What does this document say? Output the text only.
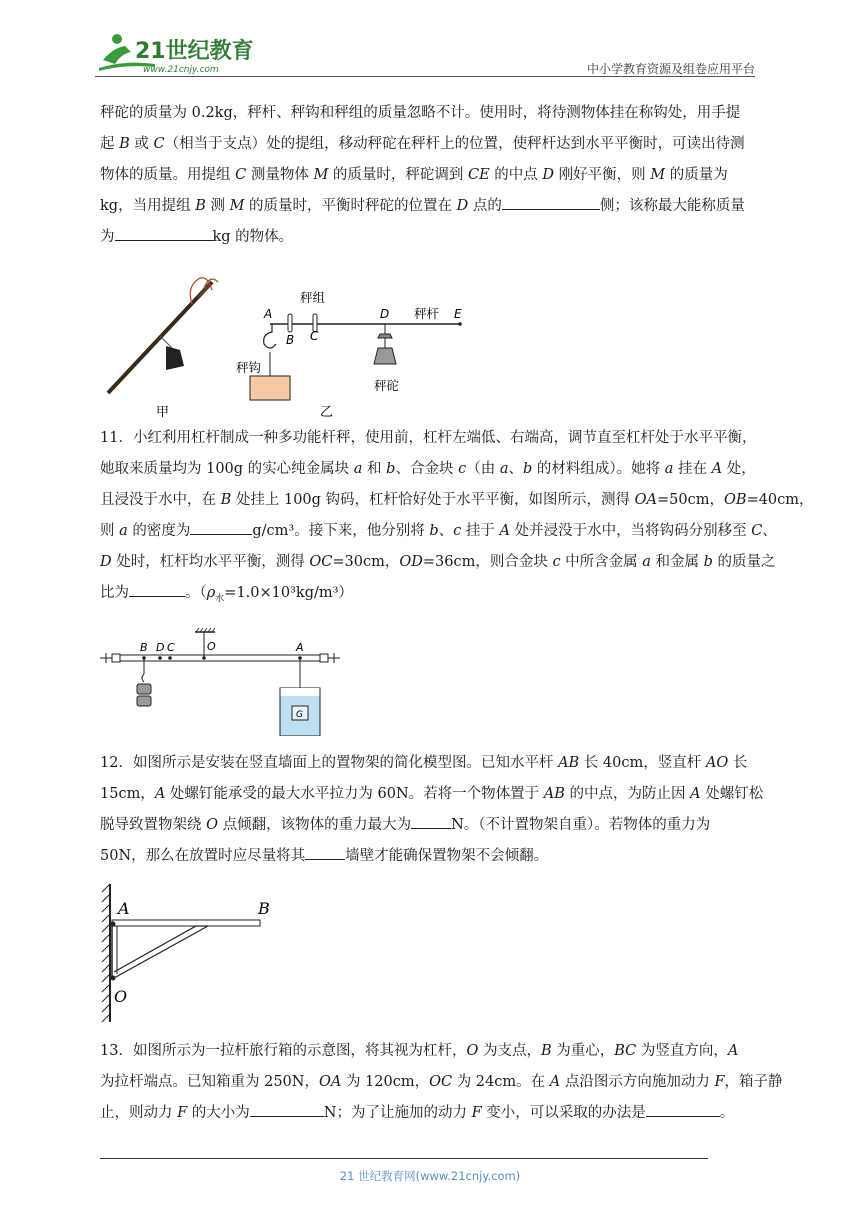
21世纪教育
www.21cnjy.com	中小学教育资源及组卷应用平台
秤砣的质量为 0.2kg，秤杆、秤钩和秤组的质量忽略不计。使用时，将待测物体挂在称钩处，用手提
起 B 或 C（相当于支点）处的提组，移动秤砣在秤杆上的位置，使秤杆达到水平平衡时，可读出待测
物体的质量。用提组 C 测量物体 M 的质量时，秤砣调到 CE 的中点 D 刚好平衡，则 M 的质量为
kg，当用提组 B 测 M 的质量时，平衡时秤砣的位置在 D 点的	侧；该称最大能称质量
为	kg 的物体。
甲
A
B C
D	E
秤组
秤杆
秤钩
秤砣
乙
11．小红利用杠杆制成一种多功能杆秤，使用前，杠杆左端低、右端高，调节直至杠杆处于水平平衡，
她取来质量均为 100g 的实心纯金属块 a 和 b、合金块 c（由 a、b 的材料组成）。她将 a 挂在 A 处，
且浸没于水中，在 B 处挂上 100g 钩码，杠杆恰好处于水平平衡，如图所示，测得 OA=50cm，OB=40cm，
则 a 的密度为	g/cm³。接下来，他分别将 b、c 挂于 A 处并浸没于水中，当将钩码分别移至 C、
D 处时，杠杆均水平平衡，测得 OC=30cm，OD=36cm，则合金块 c 中所含金属 a 和金属 b 的质量之
比为	。$(\rho_水=1.0\times 10^3kg/m^3)$
B D C	O	A
G
12．如图所示是安装在竖直墙面上的置物架的简化模型图。已知水平杆 AB 长 40cm，竖直杆 AO 长
15cm，A 处螺钉能承受的最大水平拉力为 60N。若将一个物体置于 AB 的中点，为防止因 A 处螺钉松
脱导致置物架绕 O 点倾翻，该物体的重力最大为	N。（不计置物架自重）。若物体的重力为
50N，那么在放置时应尽量将其	墙壁才能确保置物架不会倾翻。
A	B
O
13．如图所示为一拉杆旅行箱的示意图，将其视为杠杆，O 为支点，B 为重心，BC 为竖直方向，A
为拉杆端点。已知箱重为 250N，OA 为 120cm，OC 为 24cm。在 A 点沿图示方向施加动力 F，箱子静
止，则动力 F 的大小为	N；为了让施加的动力 F 变小，可以采取的办法是	。
21 世纪教育网(www.21cnjy.com)
